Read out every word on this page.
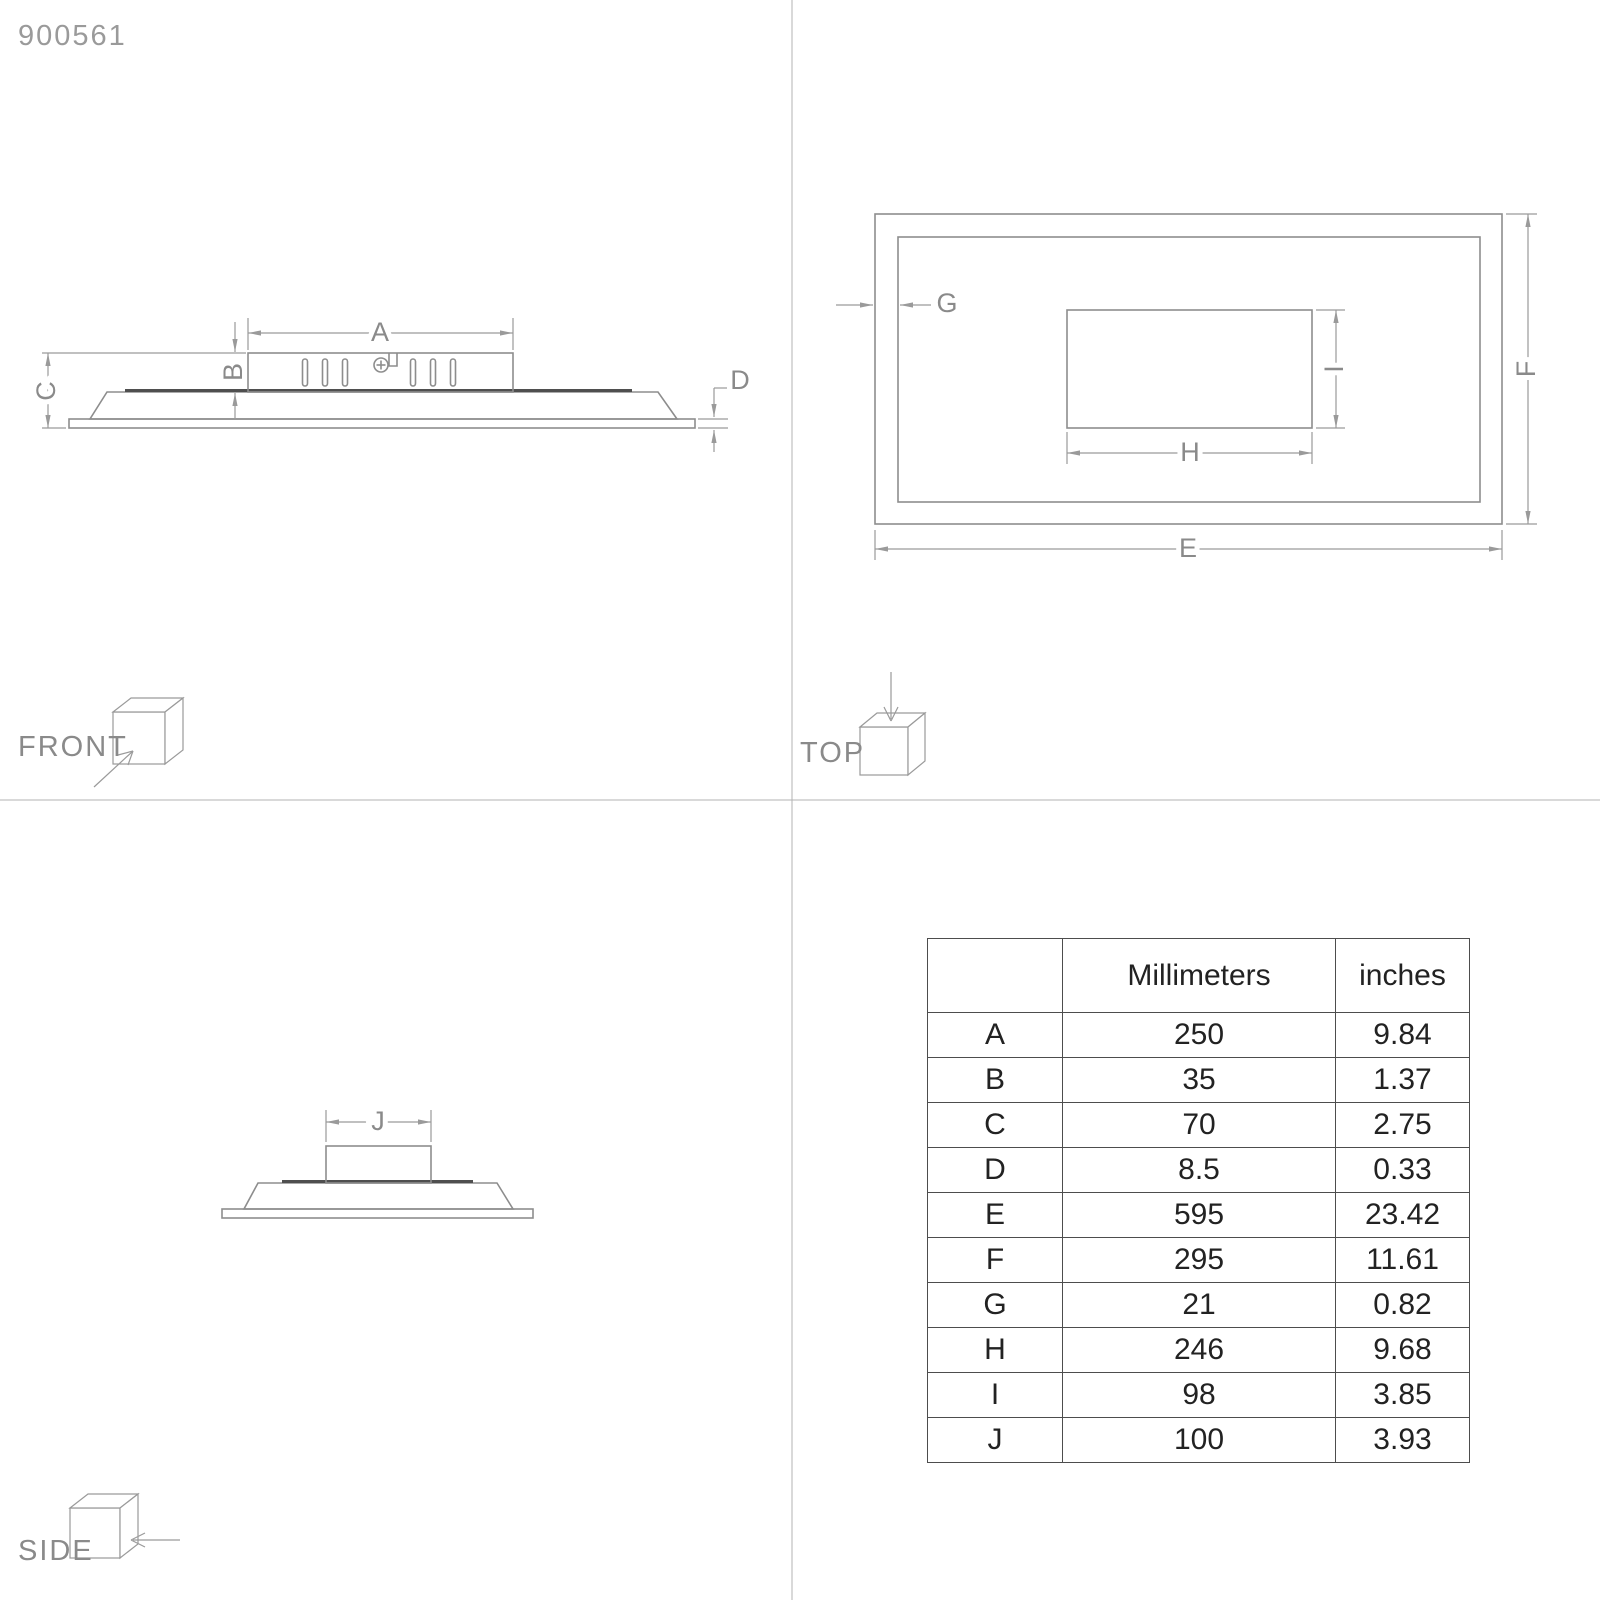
900561
A
B
C	D
FRONT
G
E
F
H
I
TOP
J
SIDE
	Millimeters	inches
A	250	9.84
B	35	1.37
C	70	2.75
D	8.5	0.33
E	595	23.42
F	295	11.61
G	21	0.82
H	246	9.68
I	98	3.85
J	100	3.93
